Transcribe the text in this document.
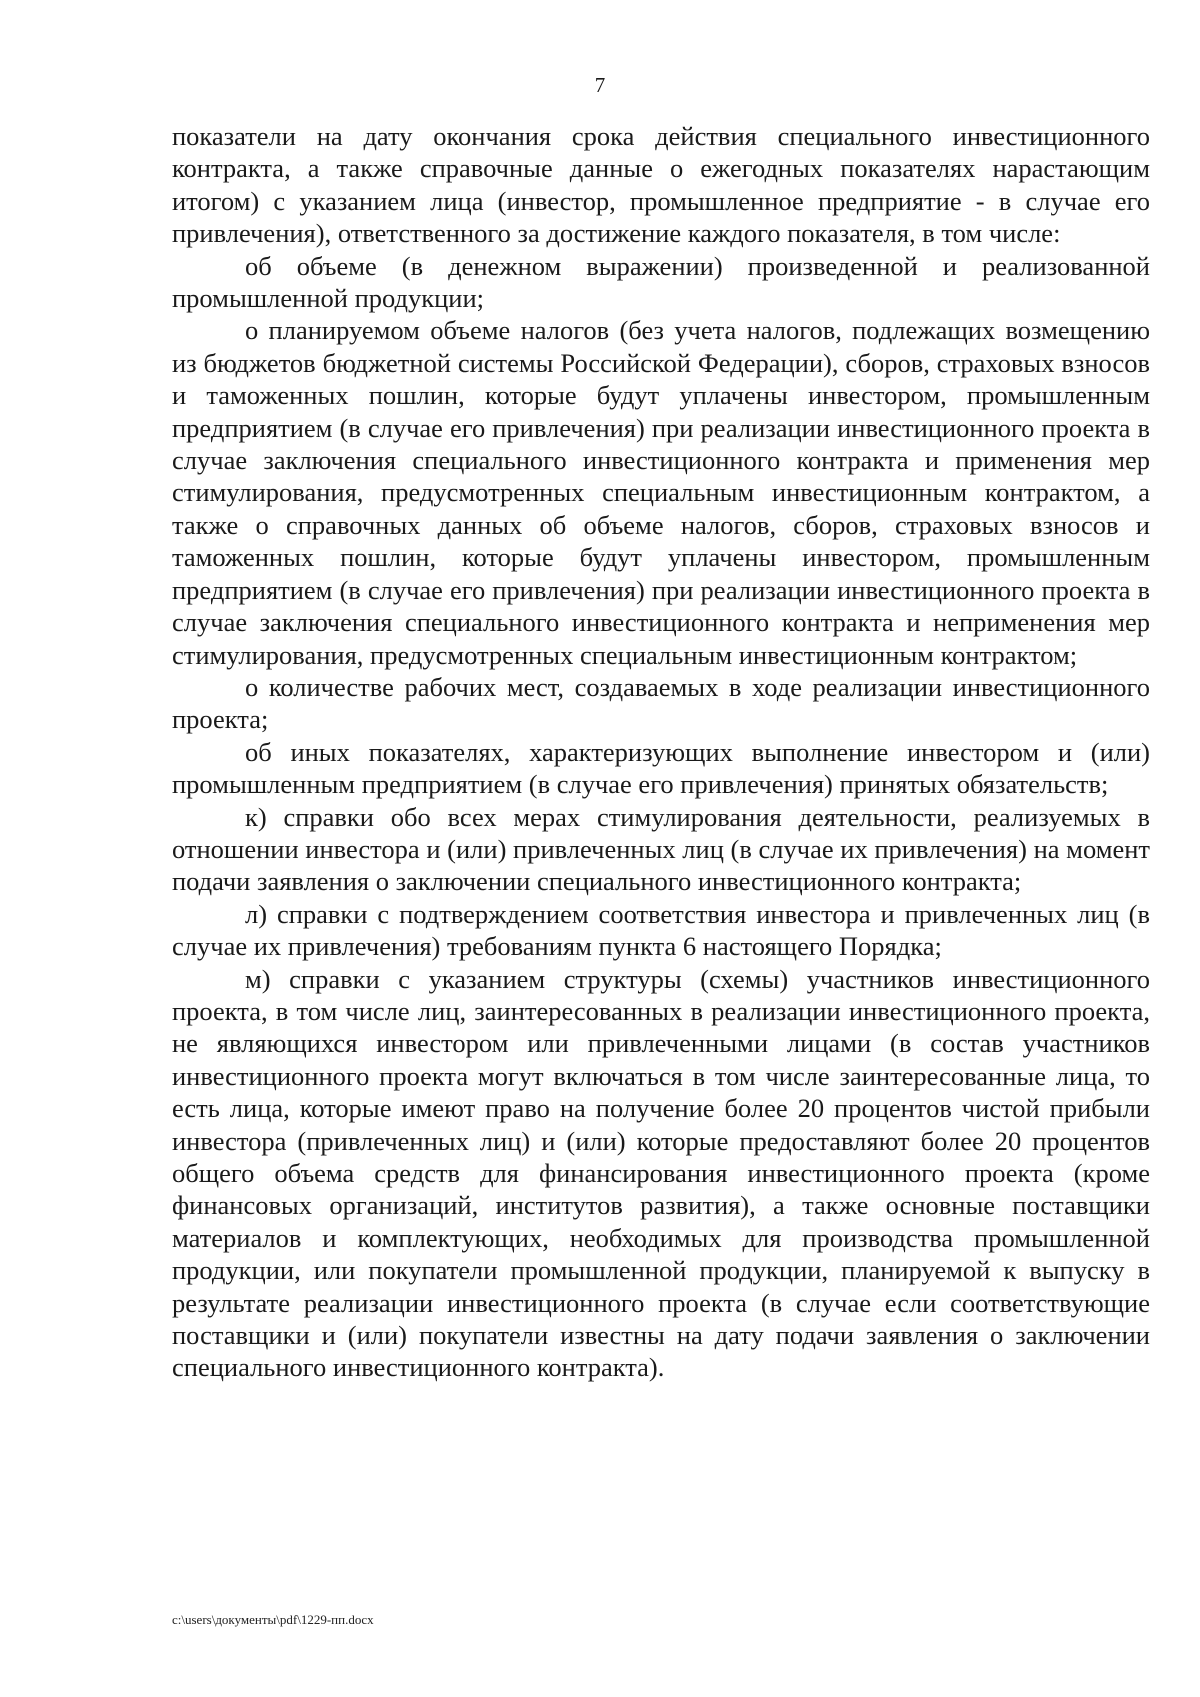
7

показатели на дату окончания срока действия специального инвестиционного контракта, а также справочные данные о ежегодных показателях нарастающим итогом) с указанием лица (инвестор, промышленное предприятие - в случае его привлечения), ответственного за достижение каждого показателя, в том числе:

об объеме (в денежном выражении) произведенной и реализованной промышленной продукции;

о планируемом объеме налогов (без учета налогов, подлежащих возмещению из бюджетов бюджетной системы Российской Федерации), сборов, страховых взносов и таможенных пошлин, которые будут уплачены инвестором, промышленным предприятием (в случае его привлечения) при реализации инвестиционного проекта в случае заключения специального инвестиционного контракта и применения мер стимулирования, предусмотренных специальным инвестиционным контрактом, а также о справочных данных об объеме налогов, сборов, страховых взносов и таможенных пошлин, которые будут уплачены инвестором, промышленным предприятием (в случае его привлечения) при реализации инвестиционного проекта в случае заключения специального инвестиционного контракта и неприменения мер стимулирования, предусмотренных специальным инвестиционным контрактом;

о количестве рабочих мест, создаваемых в ходе реализации инвестиционного проекта;

об иных показателях, характеризующих выполнение инвестором и (или) промышленным предприятием (в случае его привлечения) принятых обязательств;

к) справки обо всех мерах стимулирования деятельности, реализуемых в отношении инвестора и (или) привлеченных лиц (в случае их привлечения) на момент подачи заявления о заключении специального инвестиционного контракта;

л) справки с подтверждением соответствия инвестора и привлеченных лиц (в случае их привлечения) требованиям пункта 6 настоящего Порядка;

м) справки с указанием структуры (схемы) участников инвестиционного проекта, в том числе лиц, заинтересованных в реализации инвестиционного проекта, не являющихся инвестором или привлеченными лицами (в состав участников инвестиционного проекта могут включаться в том числе заинтересованные лица, то есть лица, которые имеют право на получение более 20 процентов чистой прибыли инвестора (привлеченных лиц) и (или) которые предоставляют более 20 процентов общего объема средств для финансирования инвестиционного проекта (кроме финансовых организаций, институтов развития), а также основные поставщики материалов и комплектующих, необходимых для производства промышленной продукции, или покупатели промышленной продукции, планируемой к выпуску в результате реализации инвестиционного проекта (в случае если соответствующие поставщики и (или) покупатели известны на дату подачи заявления о заключении специального инвестиционного контракта).

c:\users\документы\pdf\1229-пп.docx
